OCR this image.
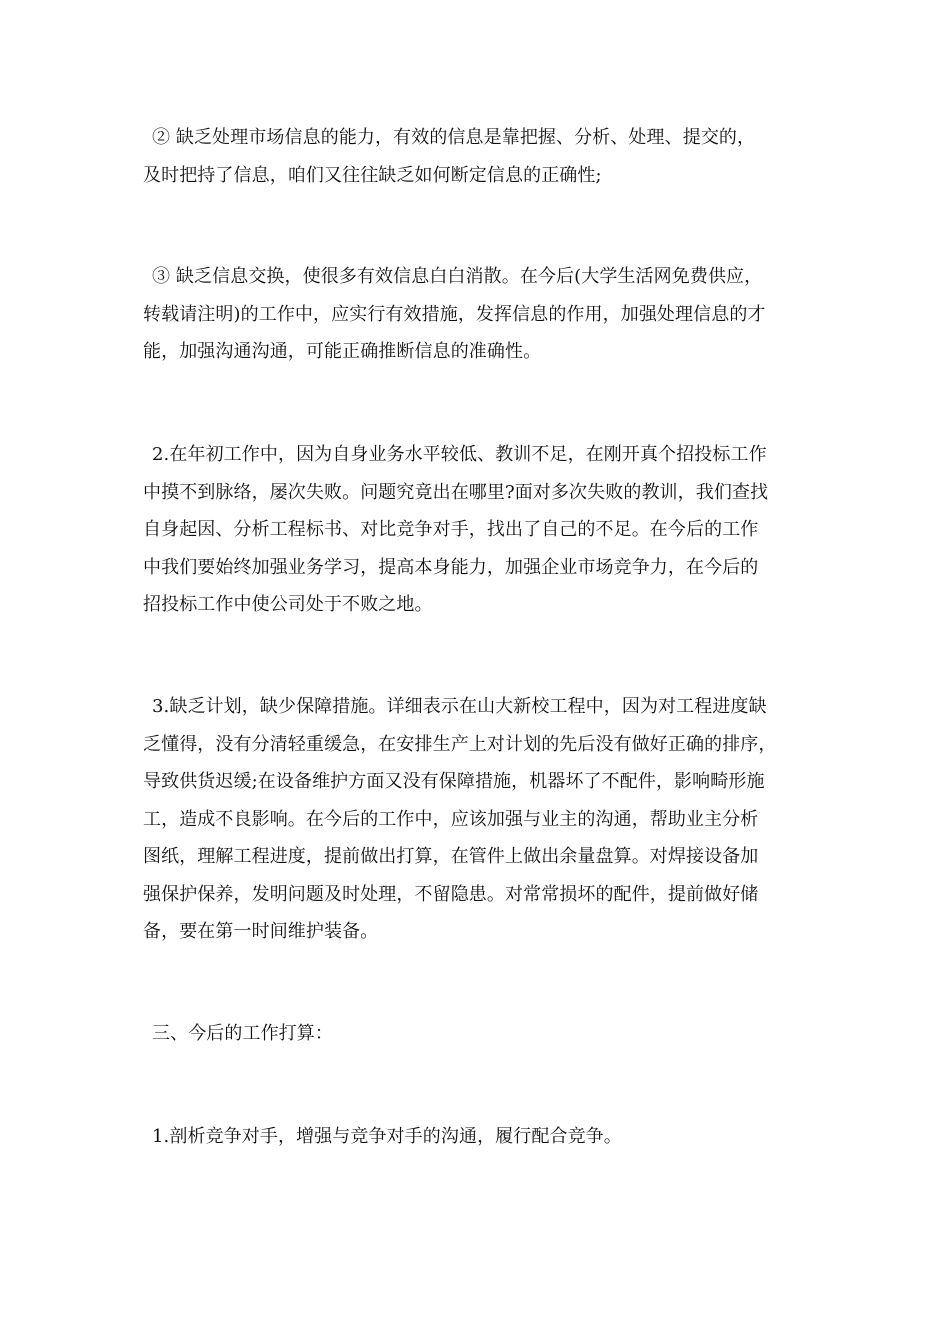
② 缺乏处理市场信息的能力，有效的信息是靠把握、分析、处理、提交的，
及时把持了信息，咱们又往往缺乏如何断定信息的正确性;

③ 缺乏信息交换，使很多有效信息白白消散。在今后(大学生活网免费供应，
转载请注明)的工作中，应实行有效措施，发挥信息的作用，加强处理信息的才
能，加强沟通沟通，可能正确推断信息的准确性。

2.在年初工作中，因为自身业务水平较低、教训不足，在刚开真个招投标工作
中摸不到脉络，屡次失败。问题究竟出在哪里?面对多次失败的教训，我们查找
自身起因、分析工程标书、对比竞争对手，找出了自己的不足。在今后的工作
中我们要始终加强业务学习，提高本身能力，加强企业市场竞争力，在今后的
招投标工作中使公司处于不败之地。

3.缺乏计划，缺少保障措施。详细表示在山大新校工程中，因为对工程进度缺
乏懂得，没有分清轻重缓急，在安排生产上对计划的先后没有做好正确的排序，
导致供货迟缓;在设备维护方面又没有保障措施，机器坏了不配件，影响畸形施
工，造成不良影响。在今后的工作中，应该加强与业主的沟通，帮助业主分析
图纸，理解工程进度，提前做出打算，在管件上做出余量盘算。对焊接设备加
强保护保养，发明问题及时处理，不留隐患。对常常损坏的配件，提前做好储
备，要在第一时间维护装备。

三、今后的工作打算：

1.剖析竞争对手，增强与竞争对手的沟通，履行配合竞争。
